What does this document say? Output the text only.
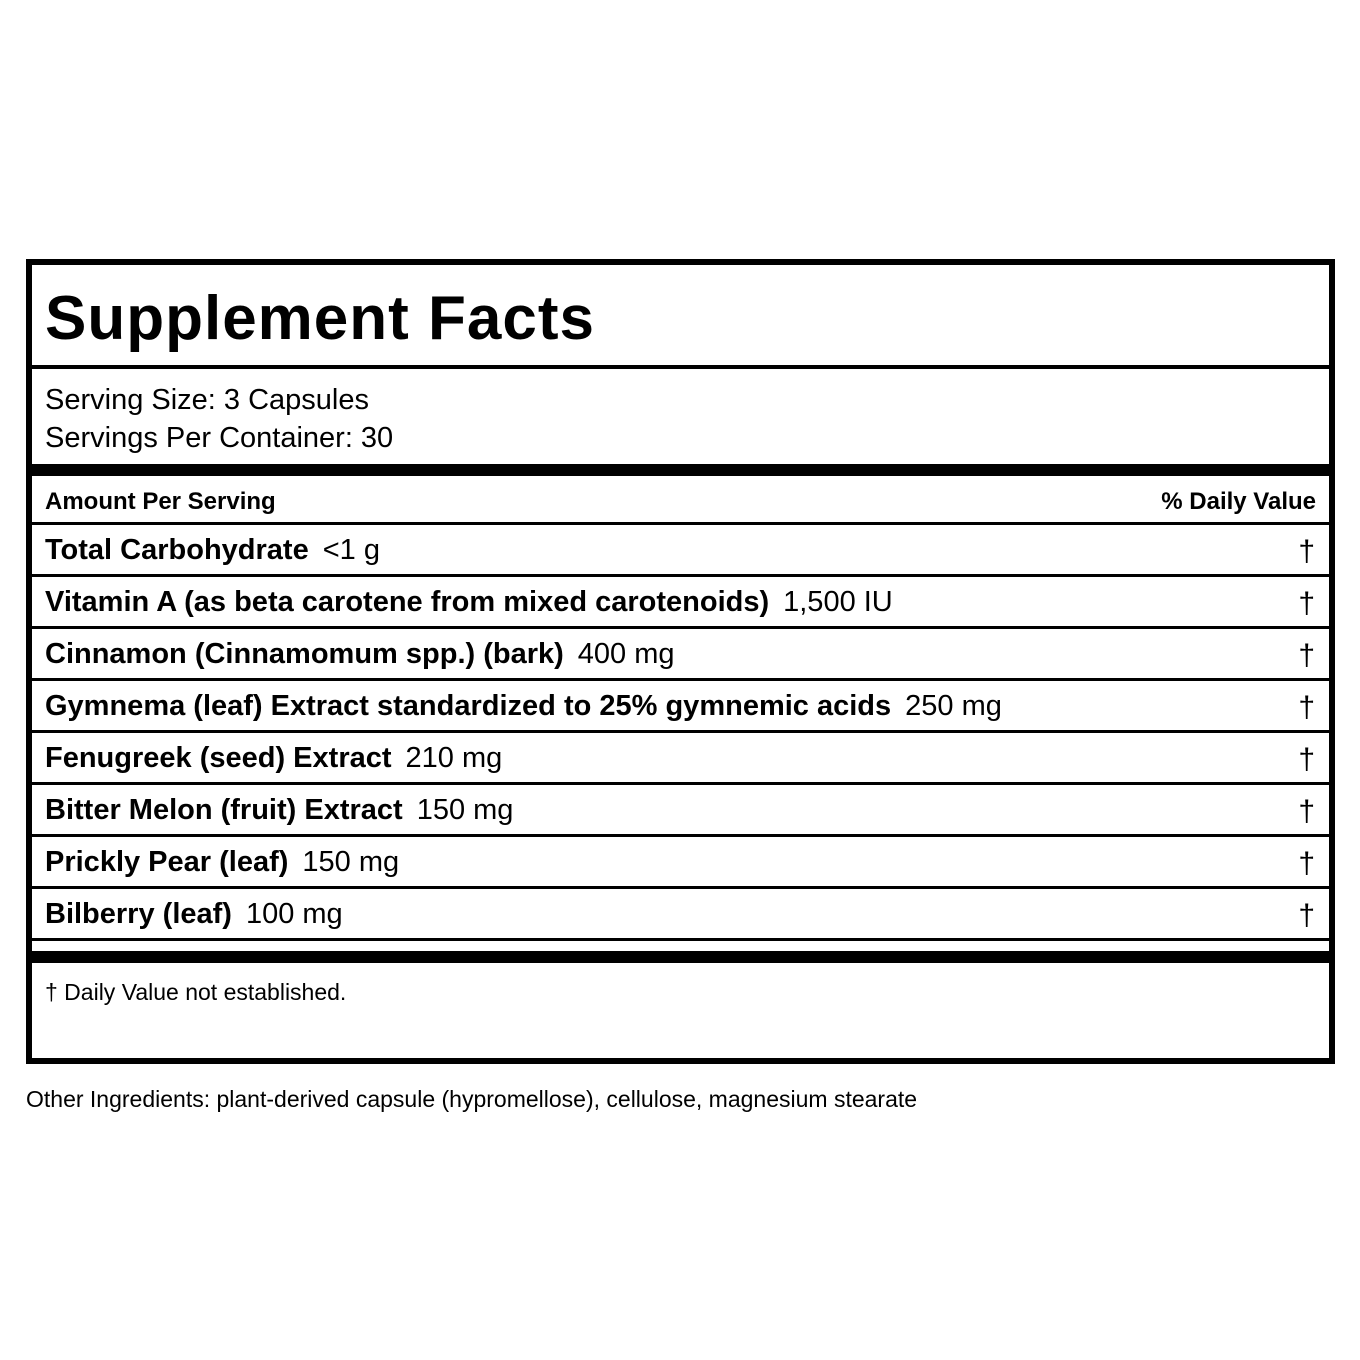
Supplement Facts
Serving Size: 3 Capsules
Servings Per Container: 30
Amount Per Serving	% Daily Value
Total Carbohydrate <1 g	†
Vitamin A (as beta carotene from mixed carotenoids) 1,500 IU	†
Cinnamon (Cinnamomum spp.) (bark) 400 mg	†
Gymnema (leaf) Extract standardized to 25% gymnemic acids 250 mg	†
Fenugreek (seed) Extract 210 mg	†
Bitter Melon (fruit) Extract 150 mg	†
Prickly Pear (leaf) 150 mg	†
Bilberry (leaf) 100 mg	†
† Daily Value not established.
Other Ingredients: plant-derived capsule (hypromellose), cellulose, magnesium stearate
